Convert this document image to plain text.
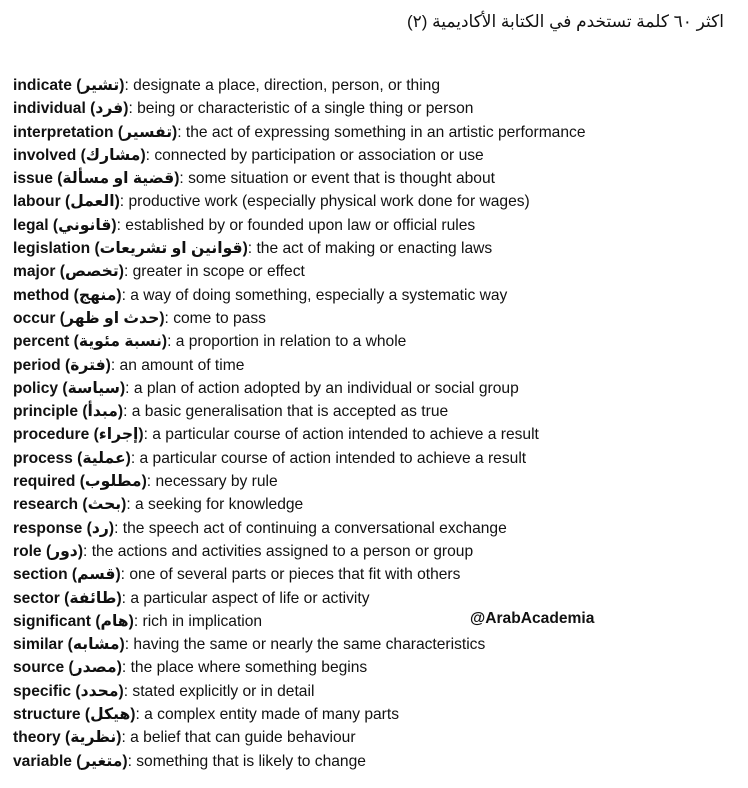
اكثر ٦٠ كلمة تستخدم في الكتابة الأكاديمية (٢)
indicate (تشير): designate a place, direction, person, or thing
individual (فرد): being or characteristic of a single thing or person
interpretation (تفسير): the act of expressing something in an artistic performance
involved (مشارك): connected by participation or association or use
issue (قضية او مسألة): some situation or event that is thought about
labour (العمل): productive work (especially physical work done for wages)
legal (قانوني): established by or founded upon law or official rules
legislation (قوانين او تشريعات): the act of making or enacting laws
major (تخصص): greater in scope or effect
method (منهج): a way of doing something, especially a systematic way
occur (حدث او ظهر): come to pass
percent (نسبة مئوية): a proportion in relation to a whole
period (فترة): an amount of time
policy (سياسة): a plan of action adopted by an individual or social group
principle (مبدأ): a basic generalisation that is accepted as true
procedure (إجراء): a particular course of action intended to achieve a result
process (عملية): a particular course of action intended to achieve a result
required (مطلوب): necessary by rule
research (بحث): a seeking for knowledge
response (رد): the speech act of continuing a conversational exchange
role (دور): the actions and activities assigned to a person or group
section (قسم): one of several parts or pieces that fit with others
sector (طائفة): a particular aspect of life or activity
significant (هام): rich in implication
similar (مشابه): having the same or nearly the same characteristics
source (مصدر): the place where something begins
specific (محدد): stated explicitly or in detail
structure (هيكل): a complex entity made of many parts
theory (نظرية): a belief that can guide behaviour
variable (متغير): something that is likely to change
@ArabAcademia
